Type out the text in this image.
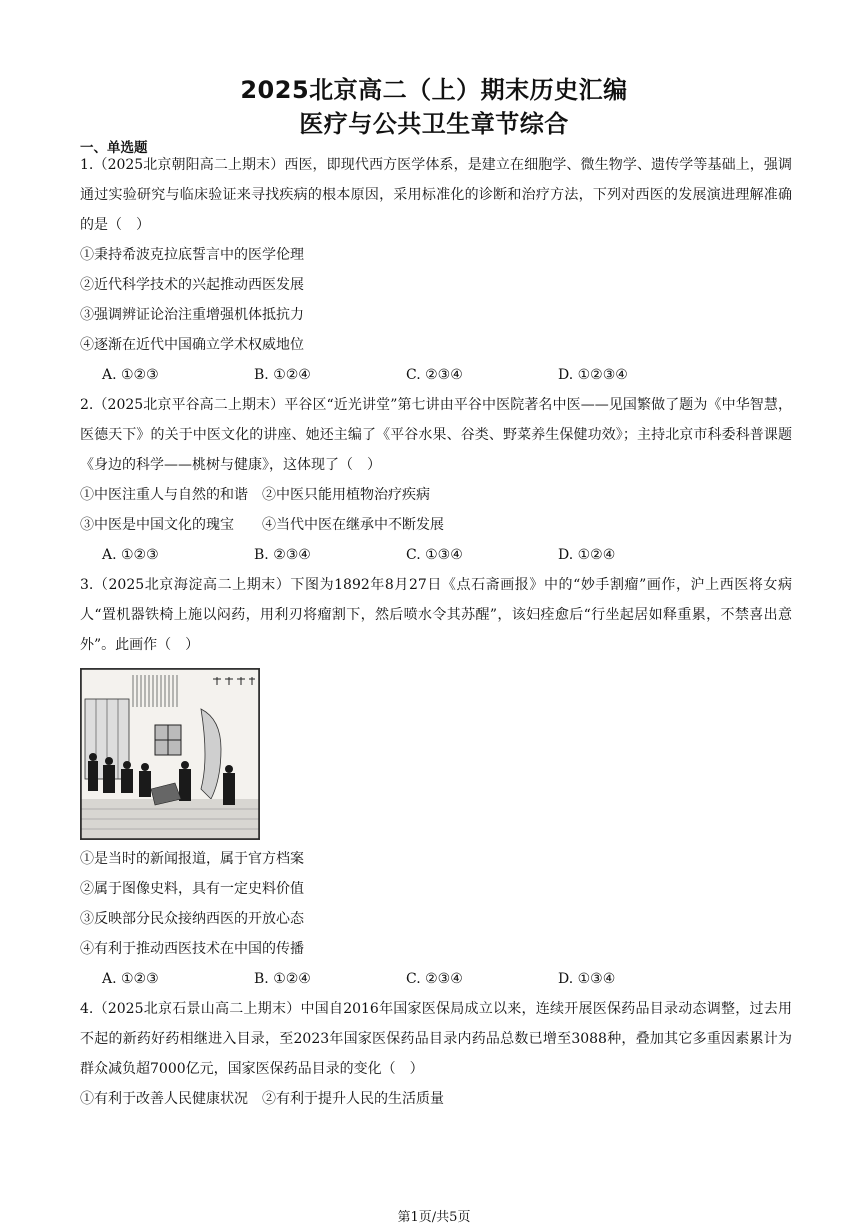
2025北京高二（上）期末历史汇编
医疗与公共卫生章节综合
一、单选题

1.（2025北京朝阳高二上期末）西医，即现代西方医学体系，是建立在细胞学、微生物学、遗传学等基础上，强调通过实验研究与临床验证来寻找疾病的根本原因，采用标准化的诊断和治疗方法，下列对西医的发展演进理解准确的是（　）

①秉持希波克拉底誓言中的医学伦理

②近代科学技术的兴起推动西医发展

③强调辨证论治注重增强机体抵抗力

④逐渐在近代中国确立学术权威地位

A. ①②③	B. ①②④	C. ②③④	D. ①②③④

2.（2025北京平谷高二上期末）平谷区“近光讲堂”第七讲由平谷中医院著名中医——见国繁做了题为《中华智慧，医德天下》的关于中医文化的讲座、她还主编了《平谷水果、谷类、野菜养生保健功效》；主持北京市科委科普课题《身边的科学——桃树与健康》，这体现了（　）

①中医注重人与自然的和谐　②中医只能用植物治疗疾病

③中医是中国文化的瑰宝　　④当代中医在继承中不断发展

A. ①②③	B. ②③④	C. ①③④	D. ①②④

3.（2025北京海淀高二上期末）下图为1892年8月27日《点石斋画报》中的“妙手割瘤”画作，沪上西医将女病人“置机器铁椅上施以闷药，用利刃将瘤割下，然后喷水令其苏醒”，该妇痊愈后“行坐起居如释重累，不禁喜出意外”。此画作（　）

①是当时的新闻报道，属于官方档案

②属于图像史料，具有一定史料价值

③反映部分民众接纳西医的开放心态

④有利于推动西医技术在中国的传播

A. ①②③	B. ①②④	C. ②③④	D. ①③④

4.（2025北京石景山高二上期末）中国自2016年国家医保局成立以来，连续开展医保药品目录动态调整，过去用不起的新药好药相继进入目录，至2023年国家医保药品目录内药品总数已增至3088种，叠加其它多重因素累计为群众减负超7000亿元，国家医保药品目录的变化（　）

①有利于改善人民健康状况　②有利于提升人民的生活质量

第1页/共5页
